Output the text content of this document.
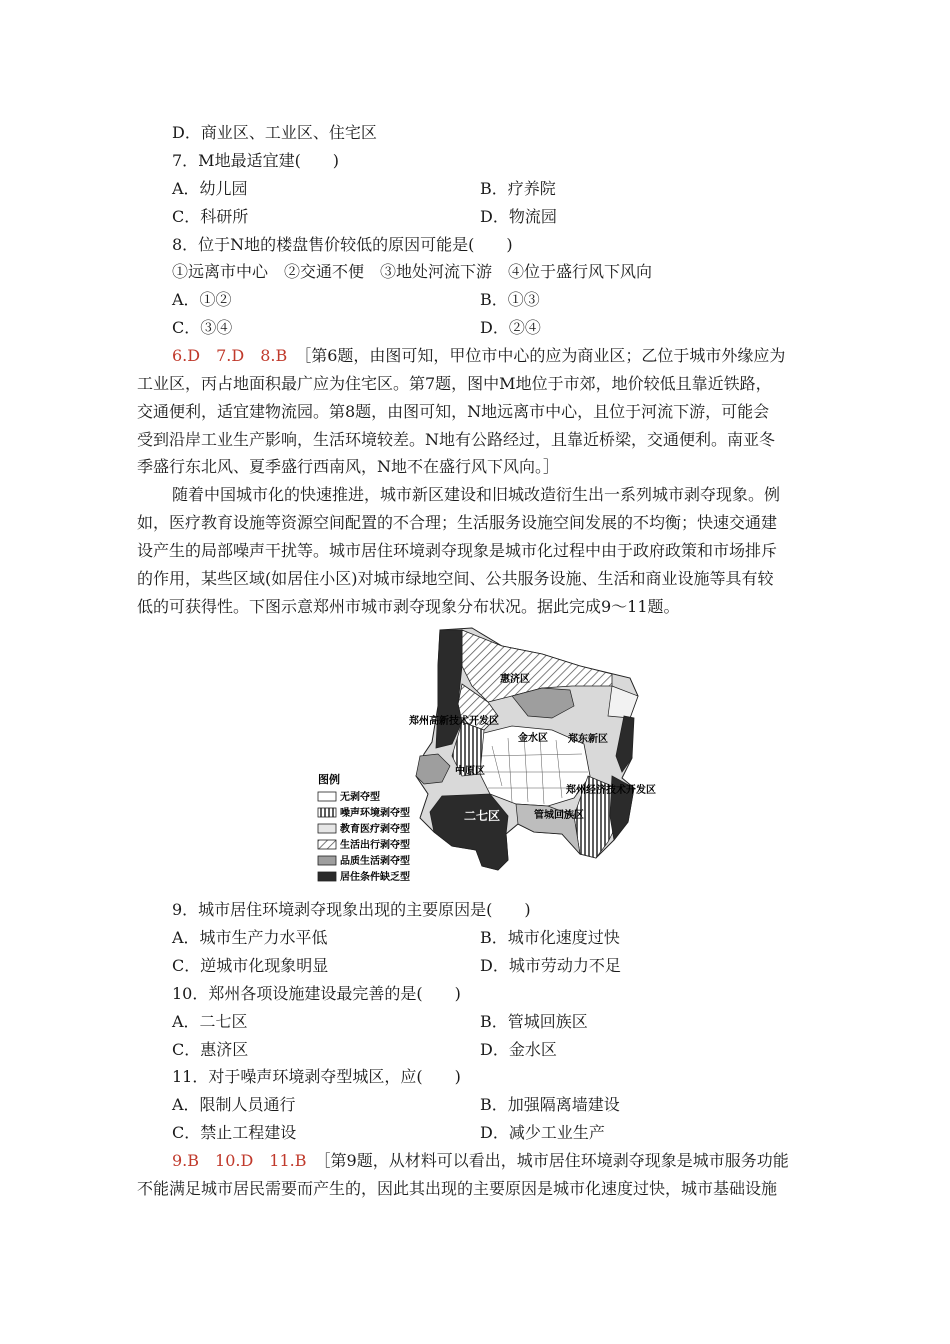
D．商业区、工业区、住宅区
7．M地最适宜建(　　)
A．幼儿园	B．疗养院
C．科研所	D．物流园
8．位于N地的楼盘售价较低的原因可能是(　　)
①远离市中心　②交通不便　③地处河流下游　④位于盛行风下风向
A．①②	B．①③
C．③④	D．②④
6.D　7.D　8.B ［第6题，由图可知，甲位市中心的应为商业区；乙位于城市外缘应为
工业区，丙占地面积最广应为住宅区。第7题，图中M地位于市郊，地价较低且靠近铁路，
交通便利，适宜建物流园。第8题，由图可知，N地远离市中心，且位于河流下游，可能会
受到沿岸工业生产影响，生活环境较差。N地有公路经过，且靠近桥梁，交通便利。南亚冬
季盛行东北风、夏季盛行西南风，N地不在盛行风下风向。］
随着中国城市化的快速推进，城市新区建设和旧城改造衍生出一系列城市剥夺现象。例
如，医疗教育设施等资源空间配置的不合理；生活服务设施空间发展的不均衡；快速交通建
设产生的局部噪声干扰等。城市居住环境剥夺现象是城市化过程中由于政府政策和市场排斥
的作用，某些区域(如居住小区)对城市绿地空间、公共服务设施、生活和商业设施等具有较
低的可获得性。下图示意郑州市城市剥夺现象分布状况。据此完成9～11题。
惠济区
郑州高新技术开发区
金水区 郑东新区
中原区
郑州经济技术开发区
二七区	管城回族区
图例
无剥夺型
噪声环境剥夺型
教育医疗剥夺型
生活出行剥夺型
品质生活剥夺型
居住条件缺乏型
9．城市居住环境剥夺现象出现的主要原因是(　　)
A．城市生产力水平低	B．城市化速度过快
C．逆城市化现象明显	D．城市劳动力不足
10．郑州各项设施建设最完善的是(　　)
A．二七区	B．管城回族区
C．惠济区	D．金水区
11．对于噪声环境剥夺型城区，应(　　)
A．限制人员通行	B．加强隔离墙建设
C．禁止工程建设	D．减少工业生产
9.B　10.D　11.B ［第9题，从材料可以看出，城市居住环境剥夺现象是城市服务功能
不能满足城市居民需要而产生的，因此其出现的主要原因是城市化速度过快，城市基础设施
